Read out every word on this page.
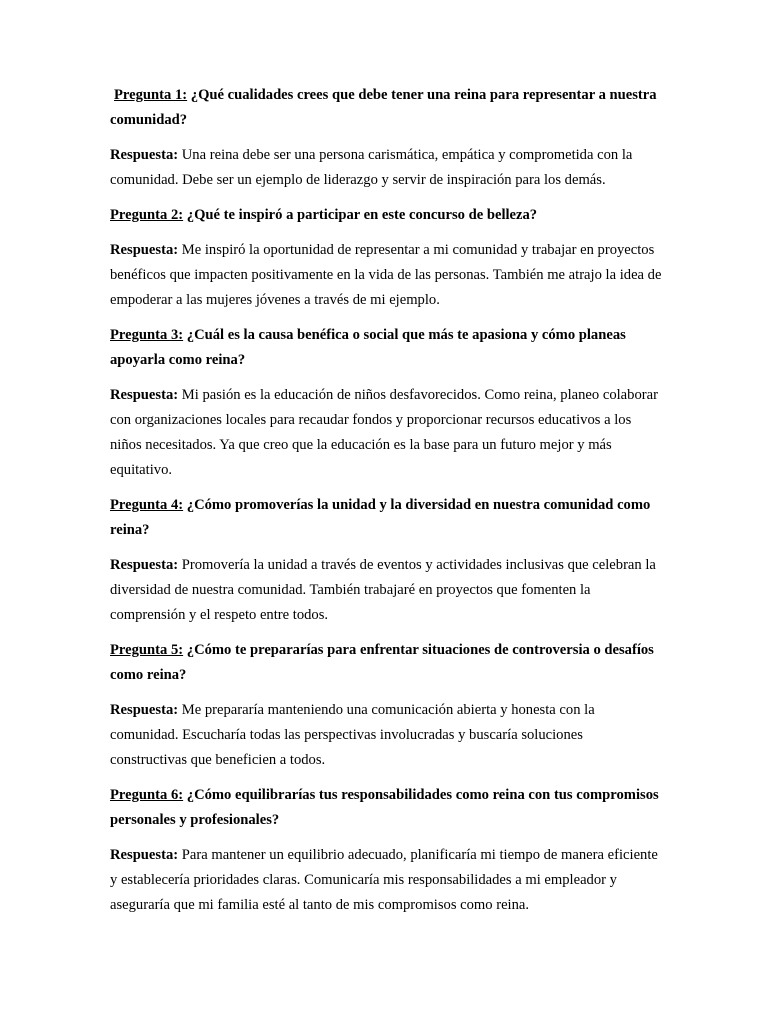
Pregunta 1: ¿Qué cualidades crees que debe tener una reina para representar a nuestra comunidad?

Respuesta: Una reina debe ser una persona carismática, empática y comprometida con la comunidad. Debe ser un ejemplo de liderazgo y servir de inspiración para los demás.

Pregunta 2: ¿Qué te inspiró a participar en este concurso de belleza?

Respuesta: Me inspiró la oportunidad de representar a mi comunidad y trabajar en proyectos benéficos que impacten positivamente en la vida de las personas. También me atrajo la idea de empoderar a las mujeres jóvenes a través de mi ejemplo.

Pregunta 3: ¿Cuál es la causa benéfica o social que más te apasiona y cómo planeas apoyarla como reina?

Respuesta: Mi pasión es la educación de niños desfavorecidos. Como reina, planeo colaborar con organizaciones locales para recaudar fondos y proporcionar recursos educativos a los niños necesitados. Ya que creo que la educación es la base para un futuro mejor y más equitativo.

Pregunta 4: ¿Cómo promoverías la unidad y la diversidad en nuestra comunidad como reina?

Respuesta: Promovería la unidad a través de eventos y actividades inclusivas que celebran la diversidad de nuestra comunidad. También trabajaré en proyectos que fomenten la comprensión y el respeto entre todos.

Pregunta 5: ¿Cómo te prepararías para enfrentar situaciones de controversia o desafíos como reina?

Respuesta: Me prepararía manteniendo una comunicación abierta y honesta con la comunidad. Escucharía todas las perspectivas involucradas y buscaría soluciones constructivas que beneficien a todos.

Pregunta 6: ¿Cómo equilibrarías tus responsabilidades como reina con tus compromisos personales y profesionales?

Respuesta: Para mantener un equilibrio adecuado, planificaría mi tiempo de manera eficiente y establecería prioridades claras. Comunicaría mis responsabilidades a mi empleador y aseguraría que mi familia esté al tanto de mis compromisos como reina.
